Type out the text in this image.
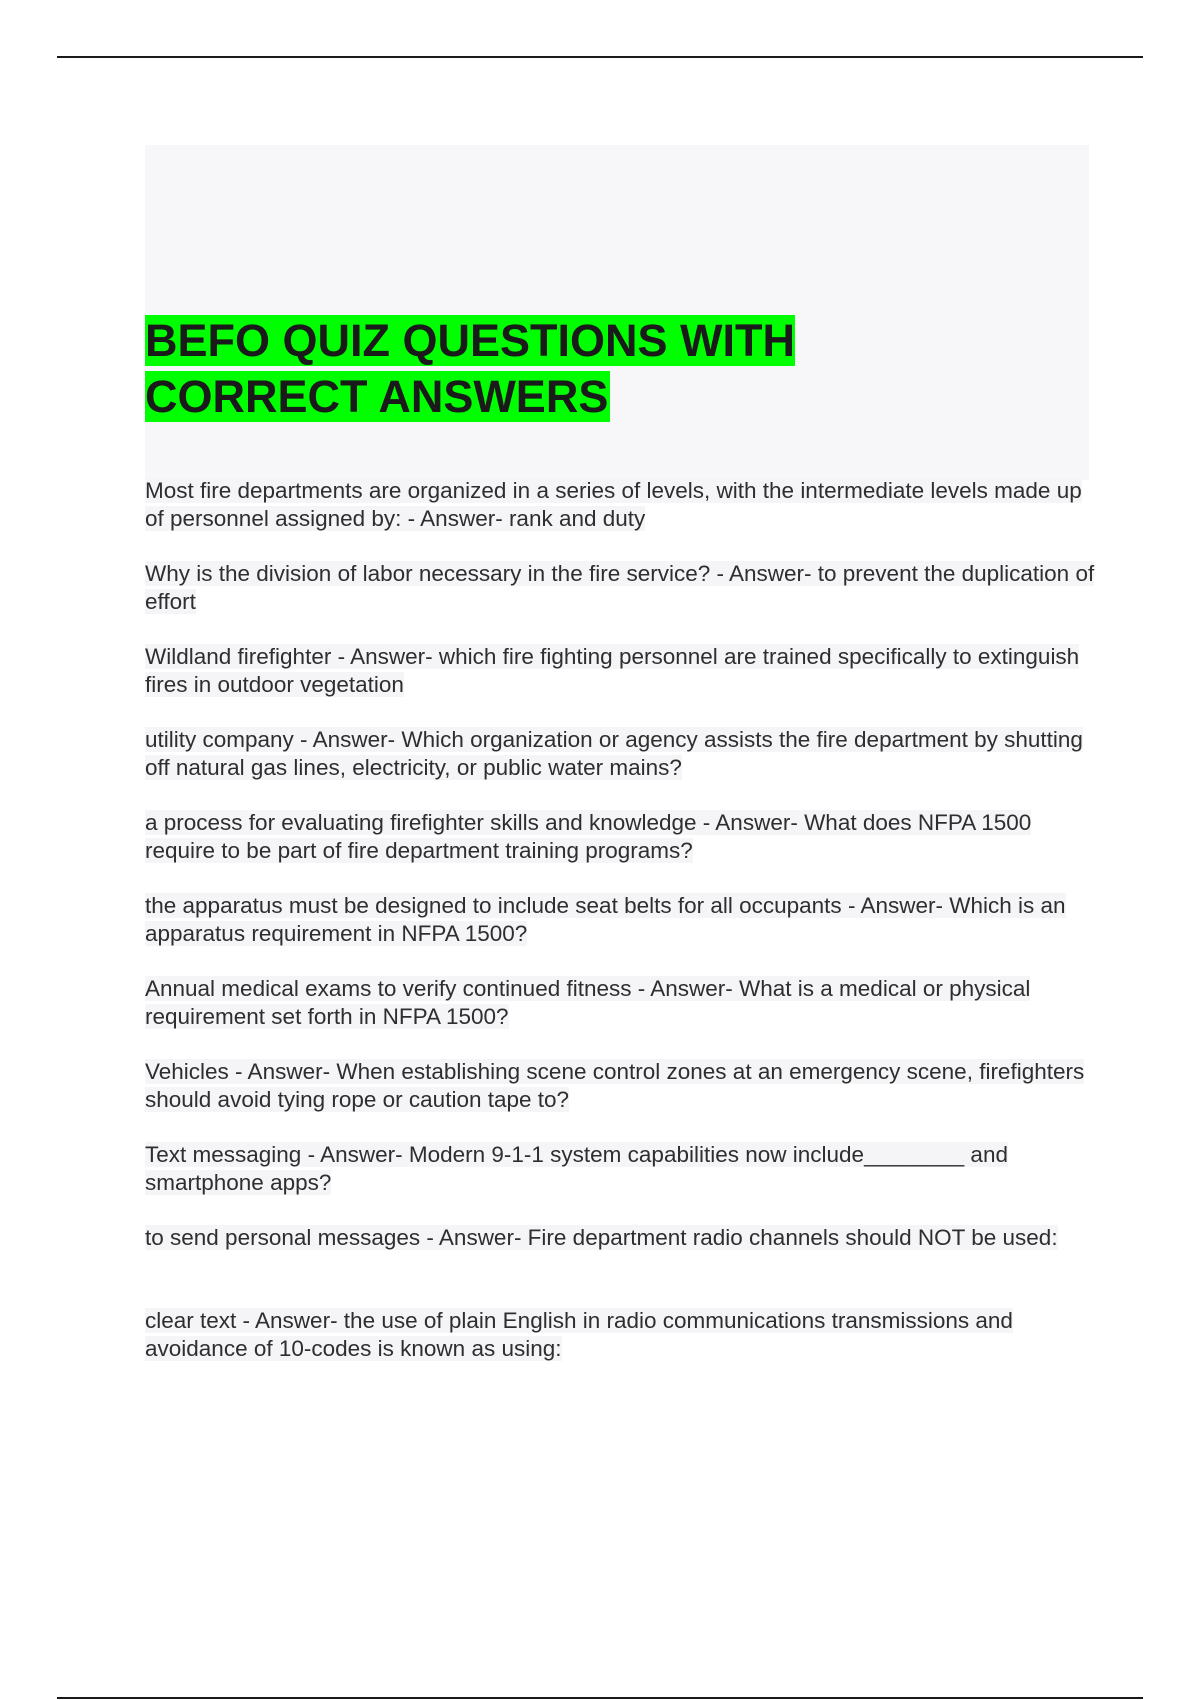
BEFO QUIZ QUESTIONS WITH CORRECT ANSWERS
Most fire departments are organized in a series of levels, with the intermediate levels made up of personnel assigned by: - Answer- rank and duty
Why is the division of labor necessary in the fire service? - Answer- to prevent the duplication of effort
Wildland firefighter - Answer- which fire fighting personnel are trained specifically to extinguish fires in outdoor vegetation
utility company - Answer- Which organization or agency assists the fire department by shutting off natural gas lines, electricity, or public water mains?
a process for evaluating firefighter skills and knowledge - Answer- What does NFPA 1500 require to be part of fire department training programs?
the apparatus must be designed to include seat belts for all occupants - Answer- Which is an apparatus requirement in NFPA 1500?
Annual medical exams to verify continued fitness - Answer- What is a medical or physical requirement set forth in NFPA 1500?
Vehicles - Answer- When establishing scene control zones at an emergency scene, firefighters should avoid tying rope or caution tape to?
Text messaging - Answer- Modern 9-1-1 system capabilities now include________ and smartphone apps?
to send personal messages - Answer- Fire department radio channels should NOT be used:
clear text - Answer- the use of plain English in radio communications transmissions and avoidance of 10-codes is known as using:
